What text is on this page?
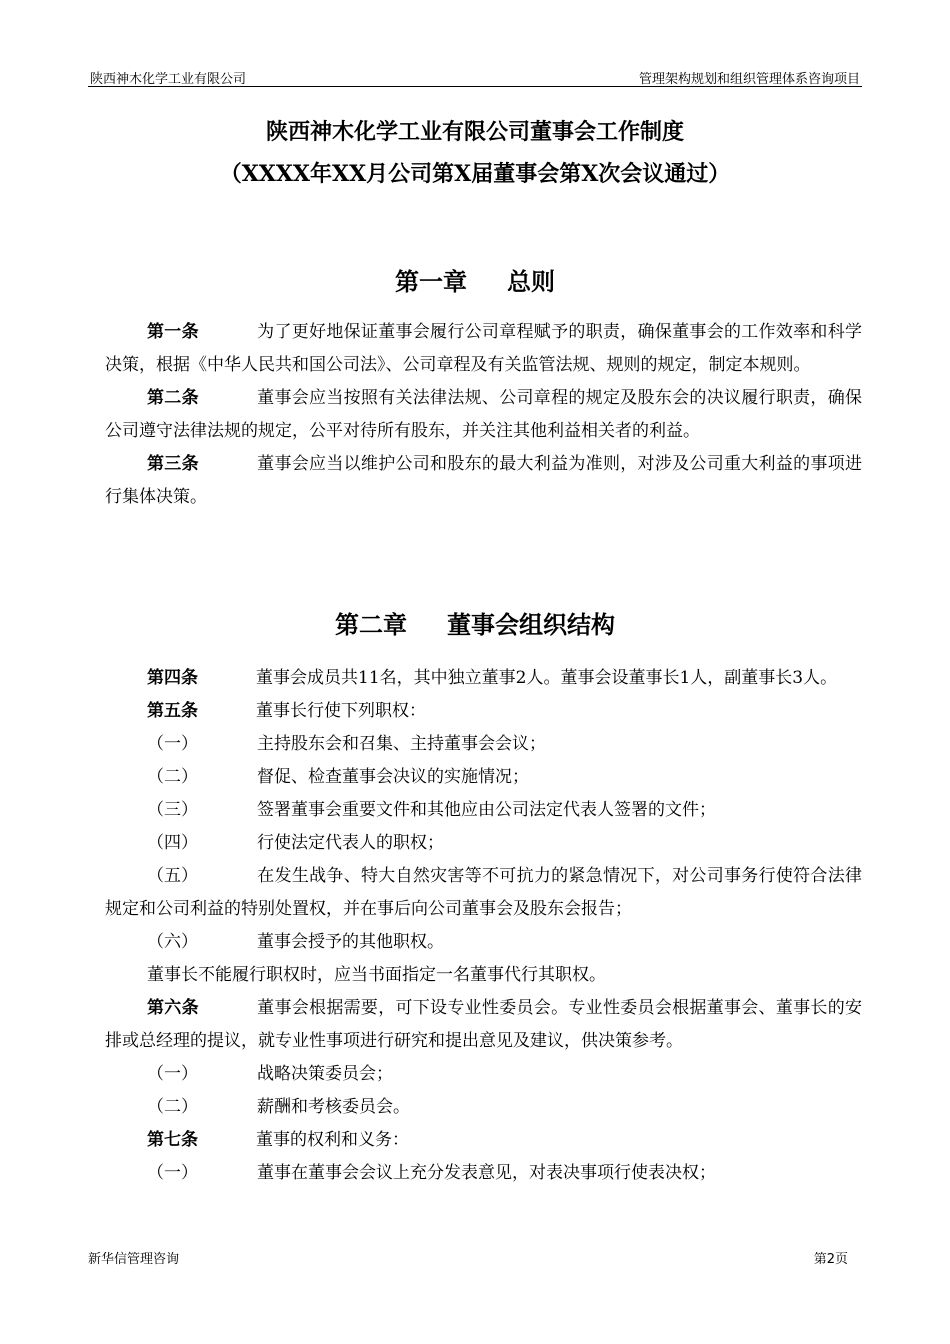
陕西神木化学工业有限公司	管理架构规划和组织管理体系咨询项目
陕西神木化学工业有限公司董事会工作制度
（XXXX年XX月公司第X届董事会第X次会议通过）
第一章 总则
第一条	为了更好地保证董事会履行公司章程赋予的职责，确保董事会的工作效率和科学决策，根据《中华人民共和国公司法》、公司章程及有关监管法规、规则的规定，制定本规则。
第二条	董事会应当按照有关法律法规、公司章程的规定及股东会的决议履行职责，确保公司遵守法律法规的规定，公平对待所有股东，并关注其他利益相关者的利益。
第三条	董事会应当以维护公司和股东的最大利益为准则，对涉及公司重大利益的事项进行集体决策。
第二章 董事会组织结构
第四条	董事会成员共11名，其中独立董事2人。董事会设董事长1人，副董事长3人。
第五条	董事长行使下列职权：
（一）	主持股东会和召集、主持董事会会议；
（二）	督促、检查董事会决议的实施情况；
（三）	签署董事会重要文件和其他应由公司法定代表人签署的文件；
（四）	行使法定代表人的职权；
（五）	在发生战争、特大自然灾害等不可抗力的紧急情况下，对公司事务行使符合法律规定和公司利益的特别处置权，并在事后向公司董事会及股东会报告；
（六）	董事会授予的其他职权。
董事长不能履行职权时，应当书面指定一名董事代行其职权。
第六条	董事会根据需要，可下设专业性委员会。专业性委员会根据董事会、董事长的安排或总经理的提议，就专业性事项进行研究和提出意见及建议，供决策参考。
（一）	战略决策委员会；
（二）	薪酬和考核委员会。
第七条	董事的权利和义务：
（一）	董事在董事会会议上充分发表意见，对表决事项行使表决权；
新华信管理咨询	第2页
